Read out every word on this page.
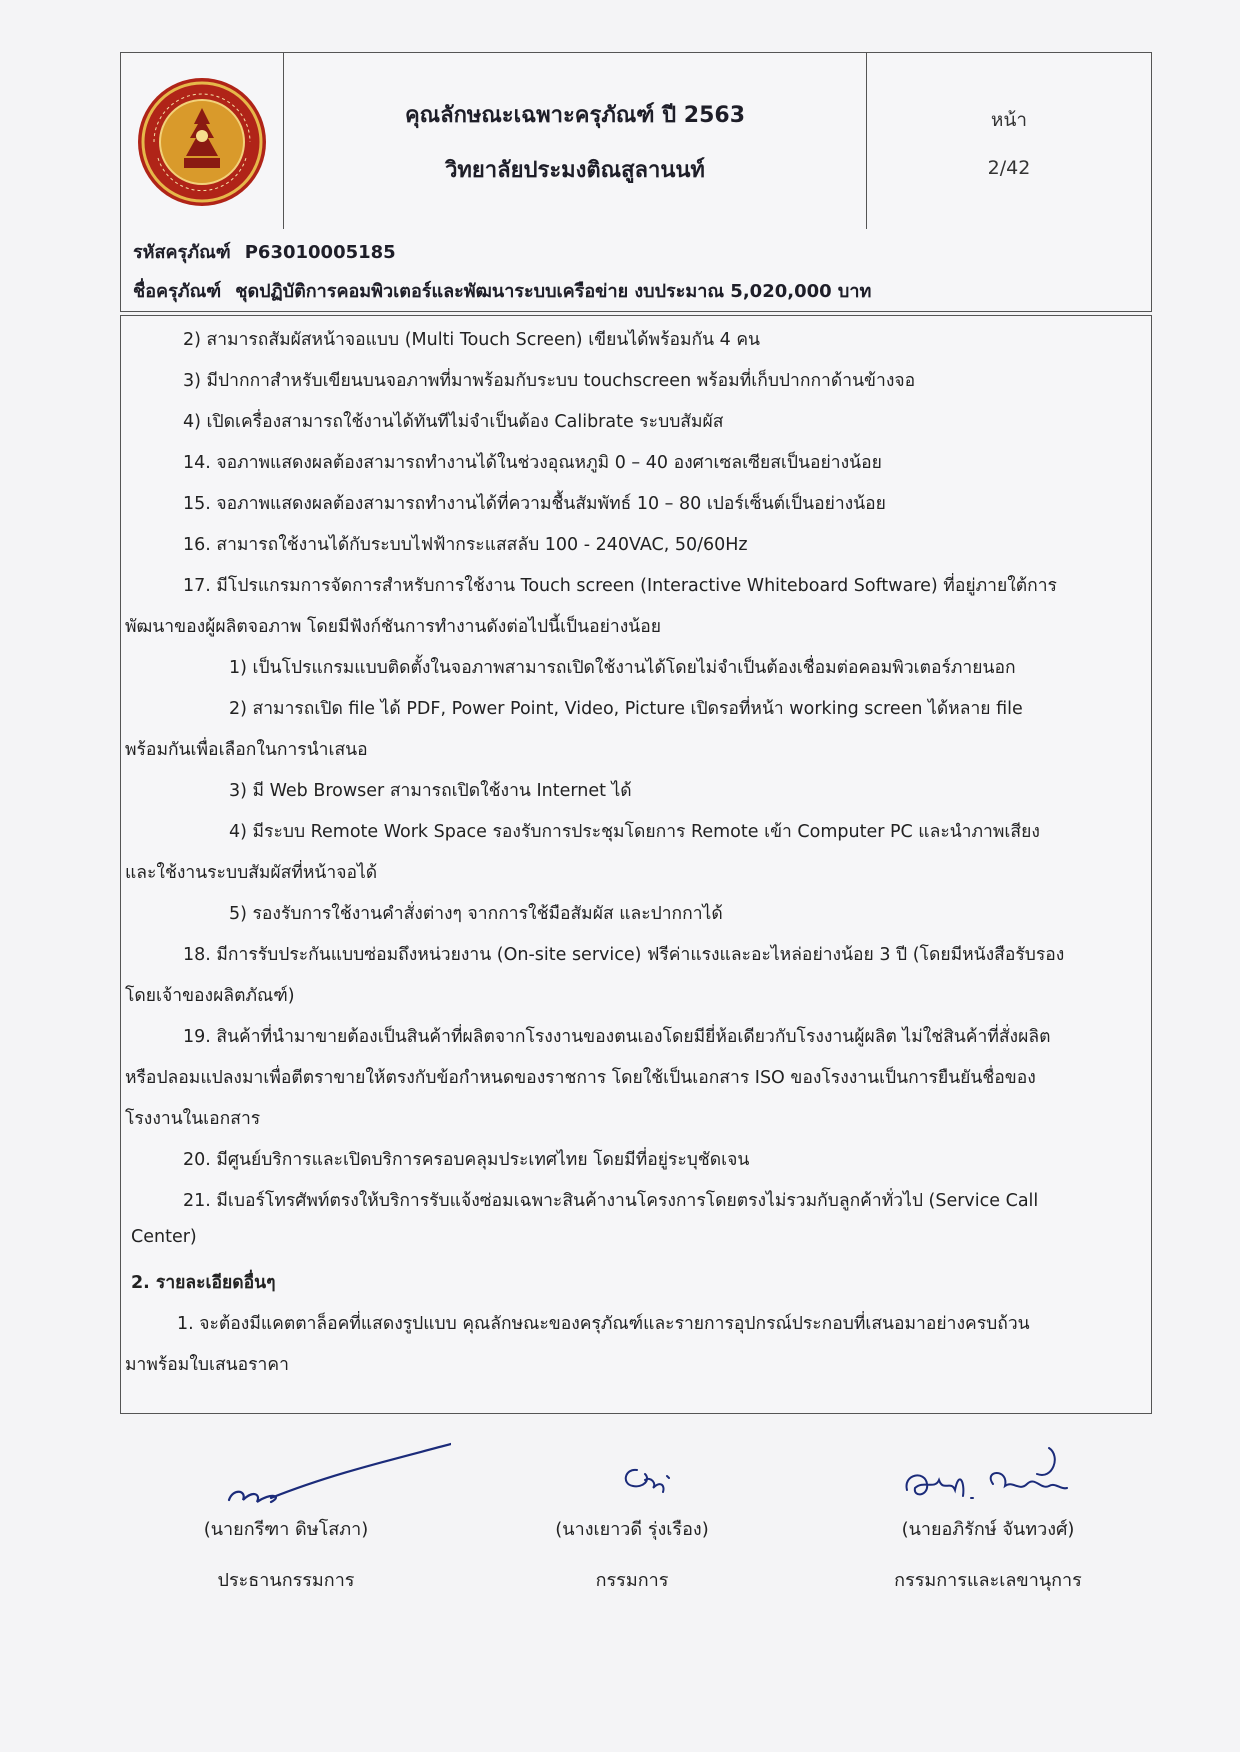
คุณลักษณะเฉพาะครุภัณฑ์ ปี 2563
วิทยาลัยประมงติณสูลานนท์
หน้า
2/42
รหัสครุภัณฑ์ P63010005185
ชื่อครุภัณฑ์ ชุดปฏิบัติการคอมพิวเตอร์และพัฒนาระบบเครือข่าย งบประมาณ 5,020,000 บาท
2) สามารถสัมผัสหน้าจอแบบ (Multi Touch Screen) เขียนได้พร้อมกัน 4 คน
3) มีปากกาสำหรับเขียนบนจอภาพที่มาพร้อมกับระบบ touchscreen พร้อมที่เก็บปากกาด้านข้างจอ
4) เปิดเครื่องสามารถใช้งานได้ทันทีไม่จำเป็นต้อง Calibrate ระบบสัมผัส
14. จอภาพแสดงผลต้องสามารถทำงานได้ในช่วงอุณหภูมิ 0 – 40 องศาเซลเซียสเป็นอย่างน้อย
15. จอภาพแสดงผลต้องสามารถทำงานได้ที่ความชื้นสัมพัทธ์ 10 – 80 เปอร์เซ็นต์เป็นอย่างน้อย
16. สามารถใช้งานได้กับระบบไฟฟ้ากระแสสลับ 100 - 240VAC, 50/60Hz
17. มีโปรแกรมการจัดการสำหรับการใช้งาน Touch screen (Interactive Whiteboard Software) ที่อยู่ภายใต้การ
พัฒนาของผู้ผลิตจอภาพ โดยมีฟังก์ชันการทำงานดังต่อไปนี้เป็นอย่างน้อย
1) เป็นโปรแกรมแบบติดตั้งในจอภาพสามารถเปิดใช้งานได้โดยไม่จำเป็นต้องเชื่อมต่อคอมพิวเตอร์ภายนอก
2) สามารถเปิด file ได้ PDF, Power Point, Video, Picture เปิดรอที่หน้า working screen ได้หลาย file
พร้อมกันเพื่อเลือกในการนำเสนอ
3) มี Web Browser สามารถเปิดใช้งาน Internet ได้
4) มีระบบ Remote Work Space รองรับการประชุมโดยการ Remote เข้า Computer PC และนำภาพเสียง
และใช้งานระบบสัมผัสที่หน้าจอได้
5) รองรับการใช้งานคำสั่งต่างๆ จากการใช้มือสัมผัส และปากกาได้
18. มีการรับประกันแบบซ่อมถึงหน่วยงาน (On-site service) ฟรีค่าแรงและอะไหล่อย่างน้อย 3 ปี (โดยมีหนังสือรับรอง
โดยเจ้าของผลิตภัณฑ์)
19. สินค้าที่นำมาขายต้องเป็นสินค้าที่ผลิตจากโรงงานของตนเองโดยมียี่ห้อเดียวกับโรงงานผู้ผลิต ไม่ใช่สินค้าที่สั่งผลิต
หรือปลอมแปลงมาเพื่อตีตราขายให้ตรงกับข้อกำหนดของราชการ โดยใช้เป็นเอกสาร ISO ของโรงงานเป็นการยืนยันชื่อของ
โรงงานในเอกสาร
20. มีศูนย์บริการและเปิดบริการครอบคลุมประเทศไทย โดยมีที่อยู่ระบุชัดเจน
21. มีเบอร์โทรศัพท์ตรงให้บริการรับแจ้งซ่อมเฉพาะสินค้างานโครงการโดยตรงไม่รวมกับลูกค้าทั่วไป (Service Call
Center)
2. รายละเอียดอื่นๆ
1. จะต้องมีแคตตาล็อคที่แสดงรูปแบบ คุณลักษณะของครุภัณฑ์และรายการอุปกรณ์ประกอบที่เสนอมาอย่างครบถ้วน
มาพร้อมใบเสนอราคา
(นายกรีฑา ดิษโสภา)
ประธานกรรมการ
(นางเยาวดี รุ่งเรือง)
กรรมการ
(นายอภิรักษ์ จันทวงศ์)
กรรมการและเลขานุการ
